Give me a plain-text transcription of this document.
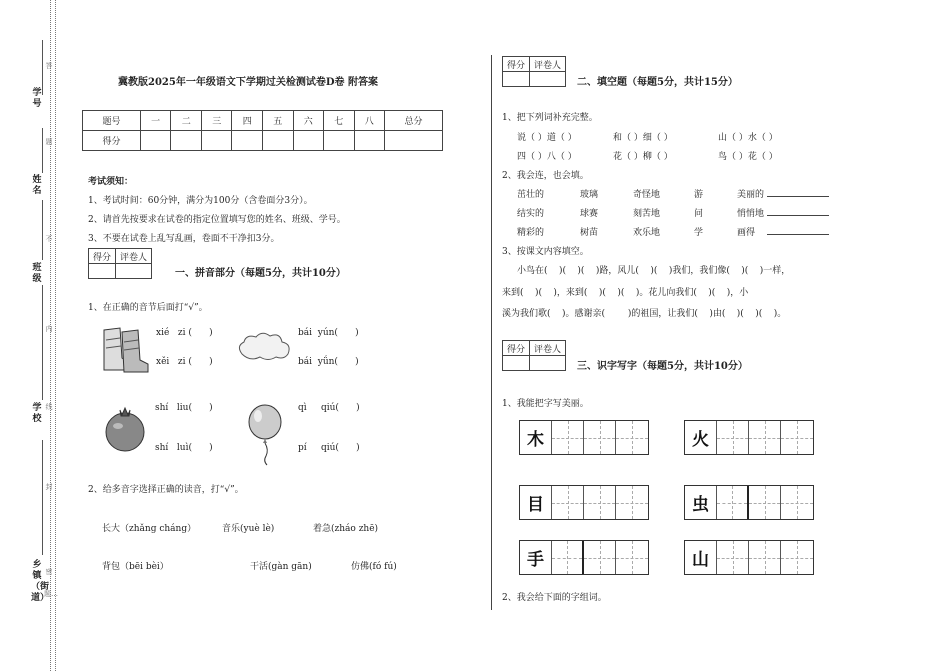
学号
姓名
班级
学校
乡镇（街道）
答
题
不
内
线
封
密
题…
冀教版2025年一年级语文下学期过关检测试卷D卷 附答案
题号	一	二	三	四	五	六	七	八	总分
得分									
考试须知：
1、考试时间：60分钟，满分为100分（含卷面分3分）。
2、请首先按要求在试卷的指定位置填写您的姓名、班级、学号。
3、不要在试卷上乱写乱画，卷面不干净扣3分。
得分	评卷人

一、拼音部分（每题5分，共计10分）
1、在正确的音节后面打“√”。
xié zi ( )	bái yún( )
xěi zi ( )	bái yǘn( )
shí liu( )	qì qiú( )
shí luì( )	pí qiú( )
2、给多音字选择正确的读音，打“√”。
长大（zhǎng cháng）	音乐(yuè lè)	着急(zháo zhē)
背包（bēi bèi）	干活(gàn gān)	仿佛(fó fú)
得分	评卷人

二、填空题（每题5分，共计15分）
1、把下列词补充完整。
说（ ）道（ ）	和（ ）细（ ）	山（ ）水（ ）
四（ ）八（ ）	花（ ）柳（ ）	鸟（ ）花（ ）
2、我会连，也会填。
茁壮的	玻璃	奇怪地	游	美丽的
结实的	球赛	刻苦地	问	悄悄地
精彩的	树苗	欢乐地	学	画得
3、按课文内容填空。
小鸟在(    )(    )(    )路，风儿(    )(    )我们，我们像(    )(    )一样，
来到(    )(    )，来到(    )(    )(    )。花儿向我们(    )(    )，小
溪为我们歌(    )。感谢亲(        )的祖国，让我们(    )由(    )(    )(    )。
得分	评卷人

三、识字写字（每题5分，共计10分）
1、我能把字写美丽。
木	火
目	虫
手	山
2、我会给下面的字组词。
